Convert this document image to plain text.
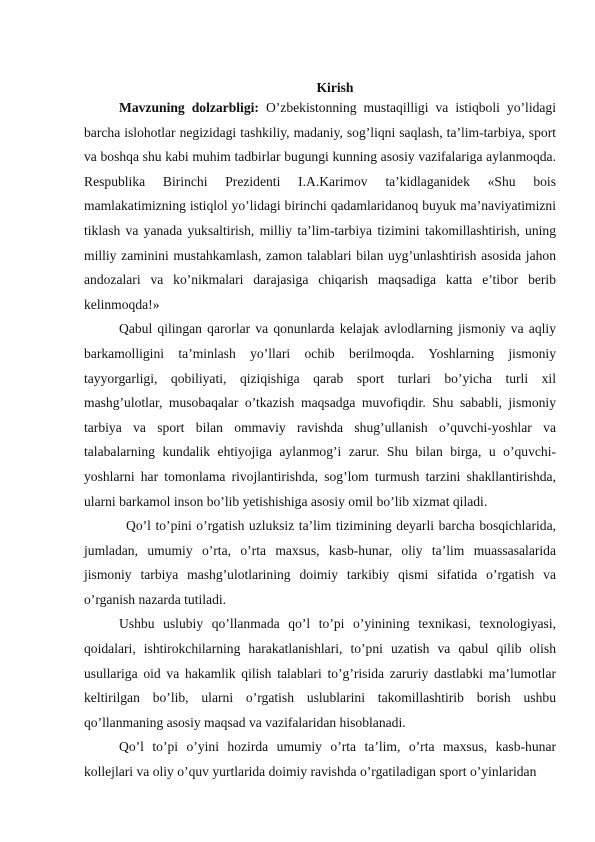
Kirish

Mavzuning dolzarbligi: O’zbekistonning mustaqilligi va istiqboli yo’lidagi barcha islohotlar negizidagi tashkiliy, madaniy, sog’liqni saqlash, ta’lim-tarbiya, sport va boshqa shu kabi muhim tadbirlar bugungi kunning asosiy vazifalariga aylanmoqda. Respublika Birinchi Prezidenti I.A.Karimov ta’kidlaganidek «Shu bois mamlakatimizning istiqlol yo’lidagi birinchi qadamlaridanoq buyuk ma’naviyatimizni tiklash va yanada yuksaltirish, milliy ta’lim-tarbiya tizimini takomillashtirish, uning milliy zaminini mustahkamlash, zamon talablari bilan uyg’unlashtirish asosida jahon andozalari va ko’nikmalari darajasiga chiqarish maqsadiga katta e’tibor berib kelinmoqda!»

Qabul qilingan qarorlar va qonunlarda kelajak avlodlarning jismoniy va aqliy barkamolligini ta’minlash yo’llari ochib berilmoqda. Yoshlarning jismoniy tayyorgarligi, qobiliyati, qiziqishiga qarab sport turlari bo’yicha turli xil mashg’ulotlar, musobaqalar o’tkazish maqsadga muvofiqdir. Shu sababli, jismoniy tarbiya va sport bilan ommaviy ravishda shug’ullanish o’quvchi-yoshlar va talabalarning kundalik ehtiyojiga aylanmog’i zarur. Shu bilan birga, u o’quvchi-yoshlarni har tomonlama rivojlantirishda, sog’lom turmush tarzini shakllantirishda, ularni barkamol inson bo’lib yetishishiga asosiy omil bo’lib xizmat qiladi.

Qo’l to’pini o’rgatish uzluksiz ta’lim tizimining deyarli barcha bosqichlarida, jumladan, umumiy o’rta, o’rta maxsus, kasb-hunar, oliy ta’lim muassasalarida jismoniy tarbiya mashg’ulotlarining doimiy tarkibiy qismi sifatida o’rgatish va o’rganish nazarda tutiladi.

Ushbu uslubiy qo’llanmada qo’l to’pi o’yinining texnikasi, texnologiyasi, qoidalari, ishtirokchilarning harakatlanishlari, to’pni uzatish va qabul qilib olish usullariga oid va hakamlik qilish talablari to’g’risida zaruriy dastlabki ma’lumotlar keltirilgan bo’lib, ularni o’rgatish uslublarini takomillashtirib borish ushbu qo’llanmaning asosiy maqsad va vazifalaridan hisoblanadi.

Qo’l to’pi o’yini hozirda umumiy o’rta ta’lim, o’rta maxsus, kasb-hunar kollejlari va oliy o’quv yurtlarida doimiy ravishda o’rgatiladigan sport o’yinlaridan
